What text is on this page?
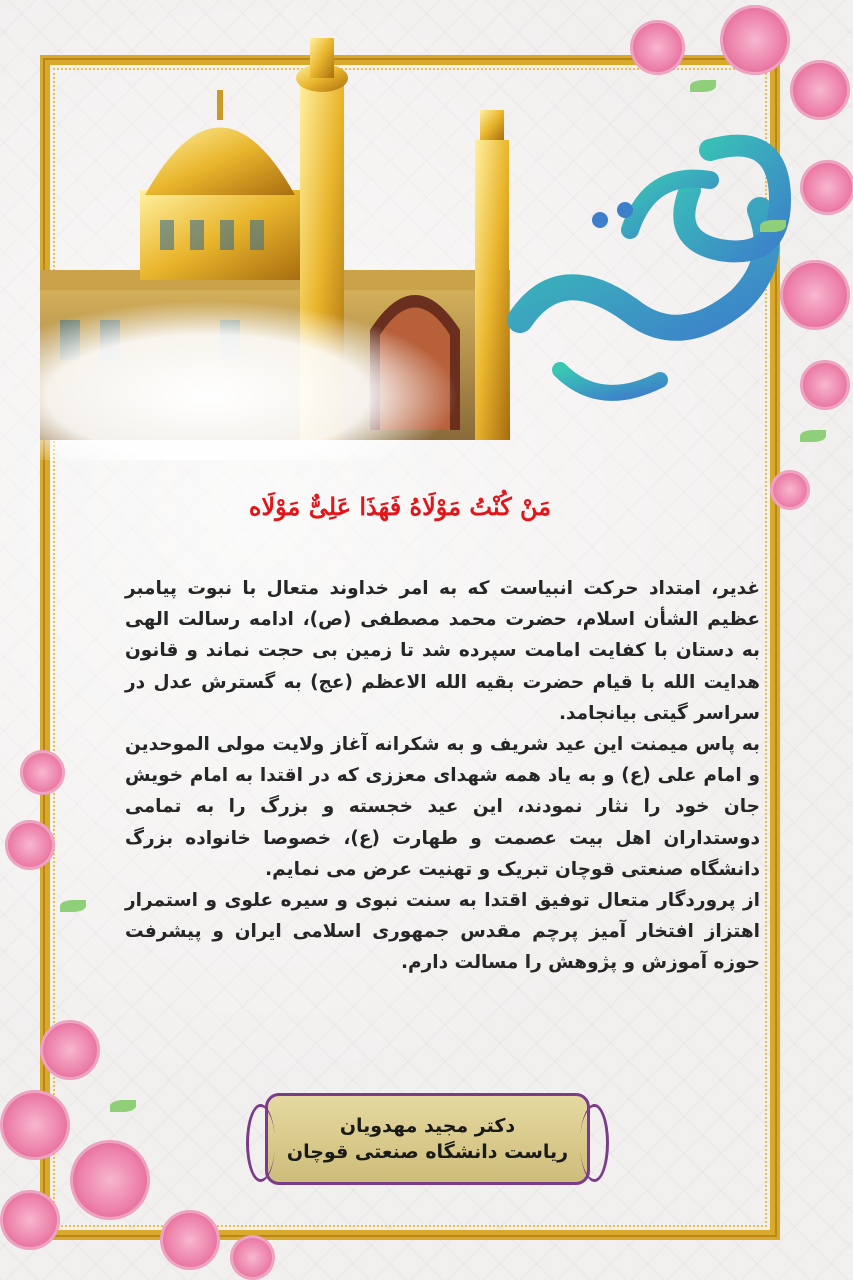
مَنْ کُنْتُ مَوْلَاهُ فَهَذَا عَلِیٌّ مَوْلَاه

غدیر، امتداد حرکت انبیاست که به امر خداوند متعال با نبوت پیامبر عظیم الشأن اسلام، حضرت محمد مصطفی (ص)، ادامه رسالت الهی به دستان با کفایت امامت سپرده شد تا زمین بی حجت نماند و قانون هدایت الله با قیام حضرت بقیه الله الاعظم (عج) به گسترش عدل در سراسر گیتی بیانجامد.

به پاس میمنت این عید شریف و به شکرانه آغاز ولایت مولی الموحدین و امام علی (ع) و به یاد همه شهدای معززی که در اقتدا به امام خویش جان خود را نثار نمودند، این عید خجسته و بزرگ را به تمامی دوستداران اهل بیت عصمت و طهارت (ع)، خصوصا خانواده بزرگ دانشگاه صنعتی قوچان تبریک و تهنیت عرض می نمایم.

از پروردگار متعال توفیق اقتدا به سنت نبوی و سیره علوی و استمرار اهتزاز افتخار آمیز پرچم مقدس جمهوری اسلامی ایران و پیشرفت حوزه آموزش و پژوهش را مسالت دارم.

دکتر مجید مهدویان
ریاست دانشگاه صنعتی قوچان
